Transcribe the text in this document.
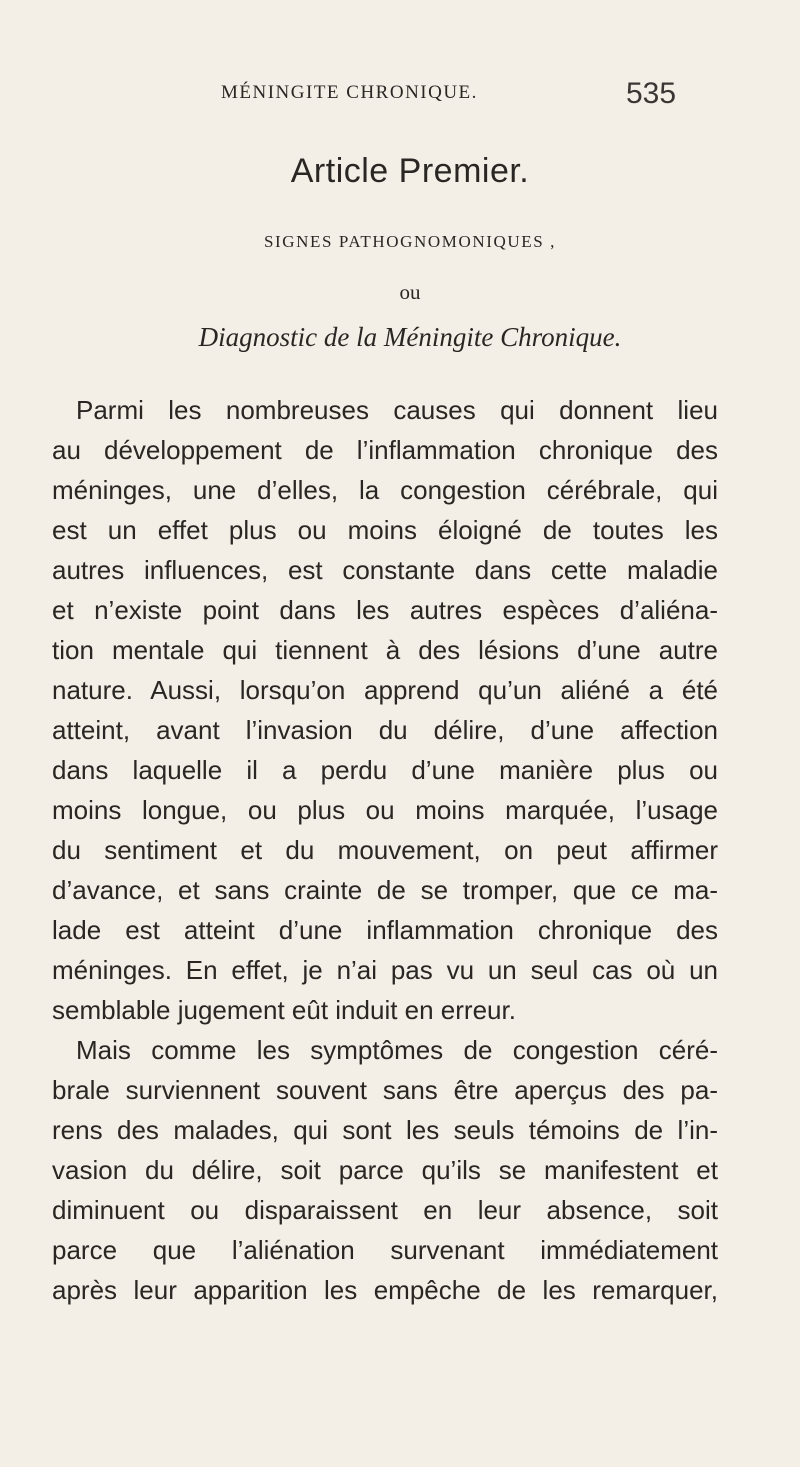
MÉNINGITE CHRONIQUE.	535
Article Premier.
SIGNES PATHOGNOMONIQUES ,
ou
Diagnostic de la Méningite Chronique.
Parmi les nombreuses causes qui donnent lieu
au développement de l’inflammation chronique des
méninges, une d’elles, la congestion cérébrale, qui
est un effet plus ou moins éloigné de toutes les
autres influences, est constante dans cette maladie
et n’existe point dans les autres espèces d’aliéna-
tion mentale qui tiennent à des lésions d’une autre
nature. Aussi, lorsqu’on apprend qu’un aliéné a été
atteint, avant l’invasion du délire, d’une affection
dans laquelle il a perdu d’une manière plus ou
moins longue, ou plus ou moins marquée, l’usage
du sentiment et du mouvement, on peut affirmer
d’avance, et sans crainte de se tromper, que ce ma-
lade est atteint d’une inflammation chronique des
méninges. En effet, je n’ai pas vu un seul cas où un
semblable jugement eût induit en erreur.
Mais comme les symptômes de congestion céré-
brale surviennent souvent sans être aperçus des pa-
rens des malades, qui sont les seuls témoins de l’in-
vasion du délire, soit parce qu’ils se manifestent et
diminuent ou disparaissent en leur absence, soit
parce que l’aliénation survenant immédiatement
après leur apparition les empêche de les remarquer,
